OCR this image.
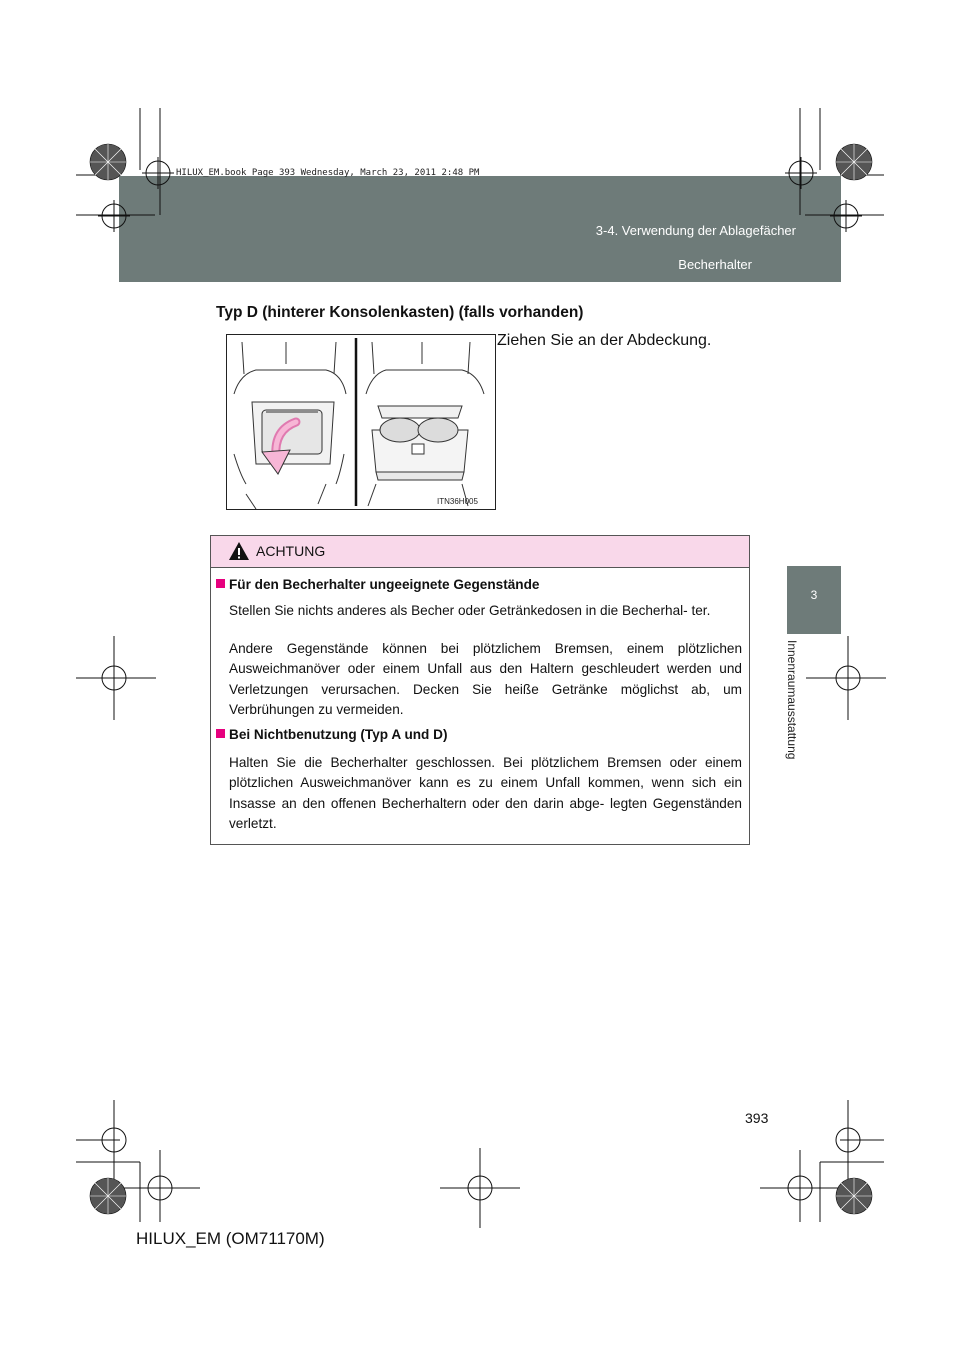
HILUX_EM.book Page 393 Wednesday, March 23, 2011 2:48 PM
3-4. Verwendung der Ablagefächer
Becherhalter
3
Innenraumausstattung
Typ D (hinterer Konsolenkasten) (falls vorhanden)
Ziehen Sie an der Abdeckung.
ITN36H005
ACHTUNG
Für den Becherhalter ungeeignete Gegenstände

Stellen Sie nichts anderes als Becher oder Getränkedosen in die Becherhal- ter.

Andere Gegenstände können bei plötzlichem Bremsen, einem plötzlichen Ausweichmanöver oder einem Unfall aus den Haltern geschleudert werden und Verletzungen verursachen. Decken Sie heiße Getränke möglichst ab, um Verbrühungen zu vermeiden.

Bei Nichtbenutzung (Typ A und D)

Halten Sie die Becherhalter geschlossen. Bei plötzlichem Bremsen oder einem plötzlichen Ausweichmanöver kann es zu einem Unfall kommen, wenn sich ein Insasse an den offenen Becherhaltern oder den darin abge- legten Gegenständen verletzt.

393
HILUX_EM (OM71170M)
